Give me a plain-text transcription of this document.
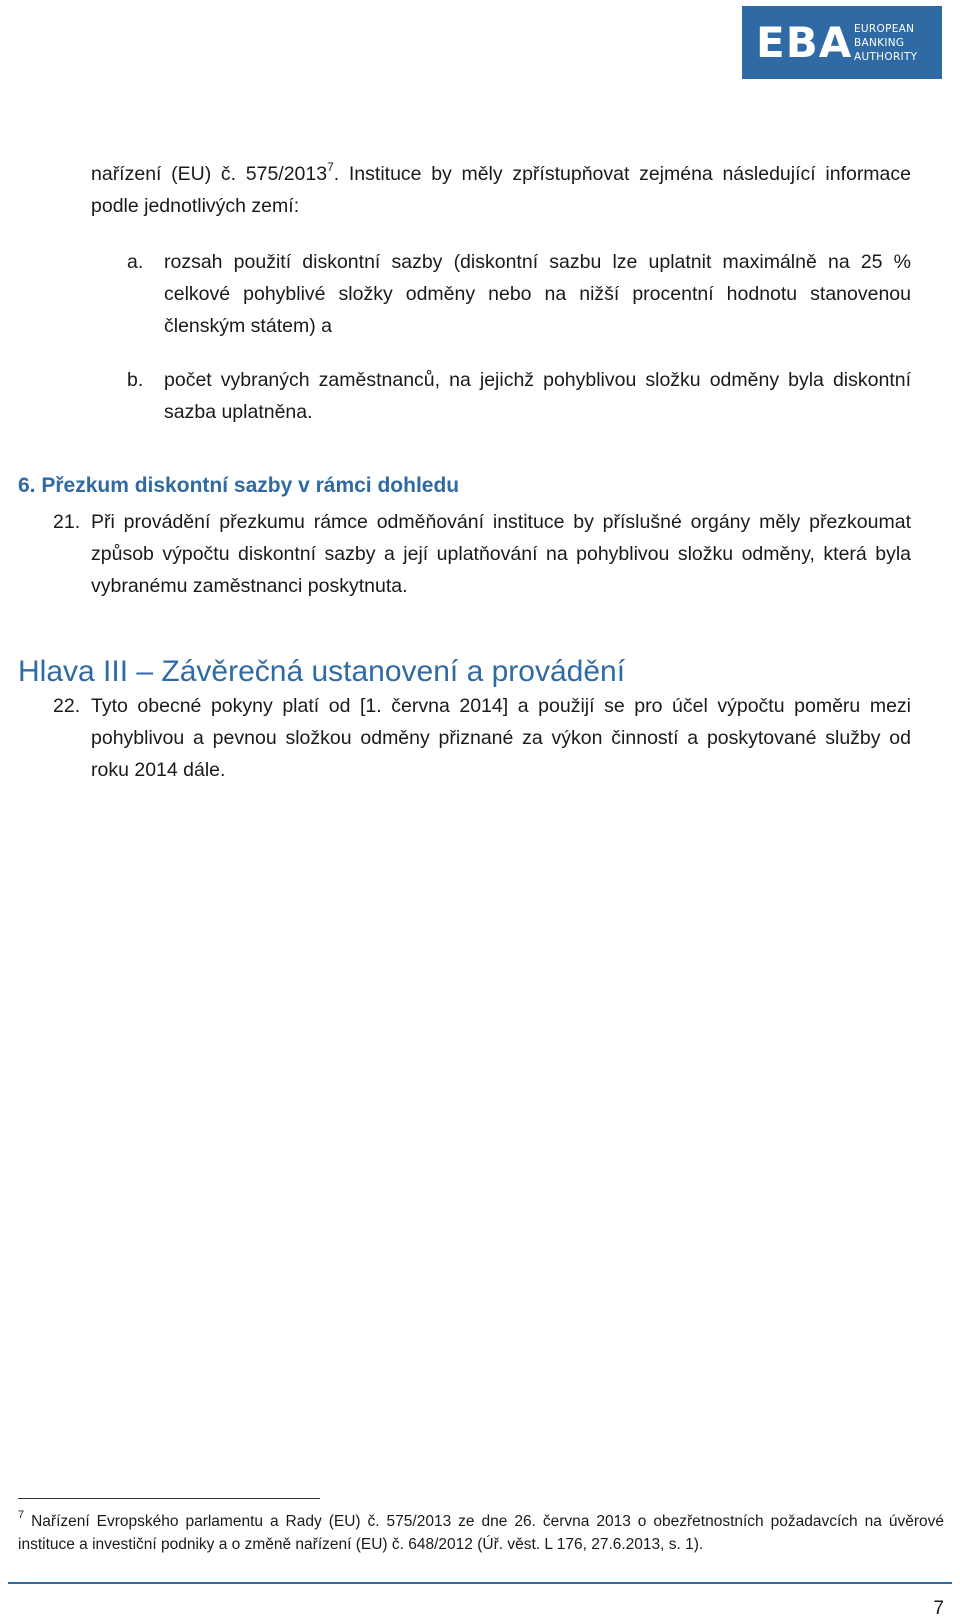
EBA EUROPEAN
BANKING
AUTHORITY
nařízení (EU) č. 575/2013$^7$. Instituce by měly zpřístupňovat zejména následující informace podle jednotlivých zemí:
a. rozsah použití diskontní sazby (diskontní sazbu lze uplatnit maximálně na 25 % celkové pohyblivé složky odměny nebo na nižší procentní hodnotu stanovenou členským státem) a
b. počet vybraných zaměstnanců, na jejichž pohyblivou složku odměny byla diskontní sazba uplatněna.
6. Přezkum diskontní sazby v rámci dohledu
21. Při provádění přezkumu rámce odměňování instituce by příslušné orgány měly přezkoumat způsob výpočtu diskontní sazby a její uplatňování na pohyblivou složku odměny, která byla vybranému zaměstnanci poskytnuta.
Hlava III – Závěrečná ustanovení a provádění
22. Tyto obecné pokyny platí od [1. června 2014] a použijí se pro účel výpočtu poměru mezi pohyblivou a pevnou složkou odměny přiznané za výkon činností a poskytované služby od roku 2014 dále.
$^7$ Nařízení Evropského parlamentu a Rady (EU) č. 575/2013 ze dne 26. června 2013 o obezřetnostních požadavcích na úvěrové instituce a investiční podniky a o změně nařízení (EU) č. 648/2012 (Úř. věst. L 176, 27.6.2013, s. 1).
7
